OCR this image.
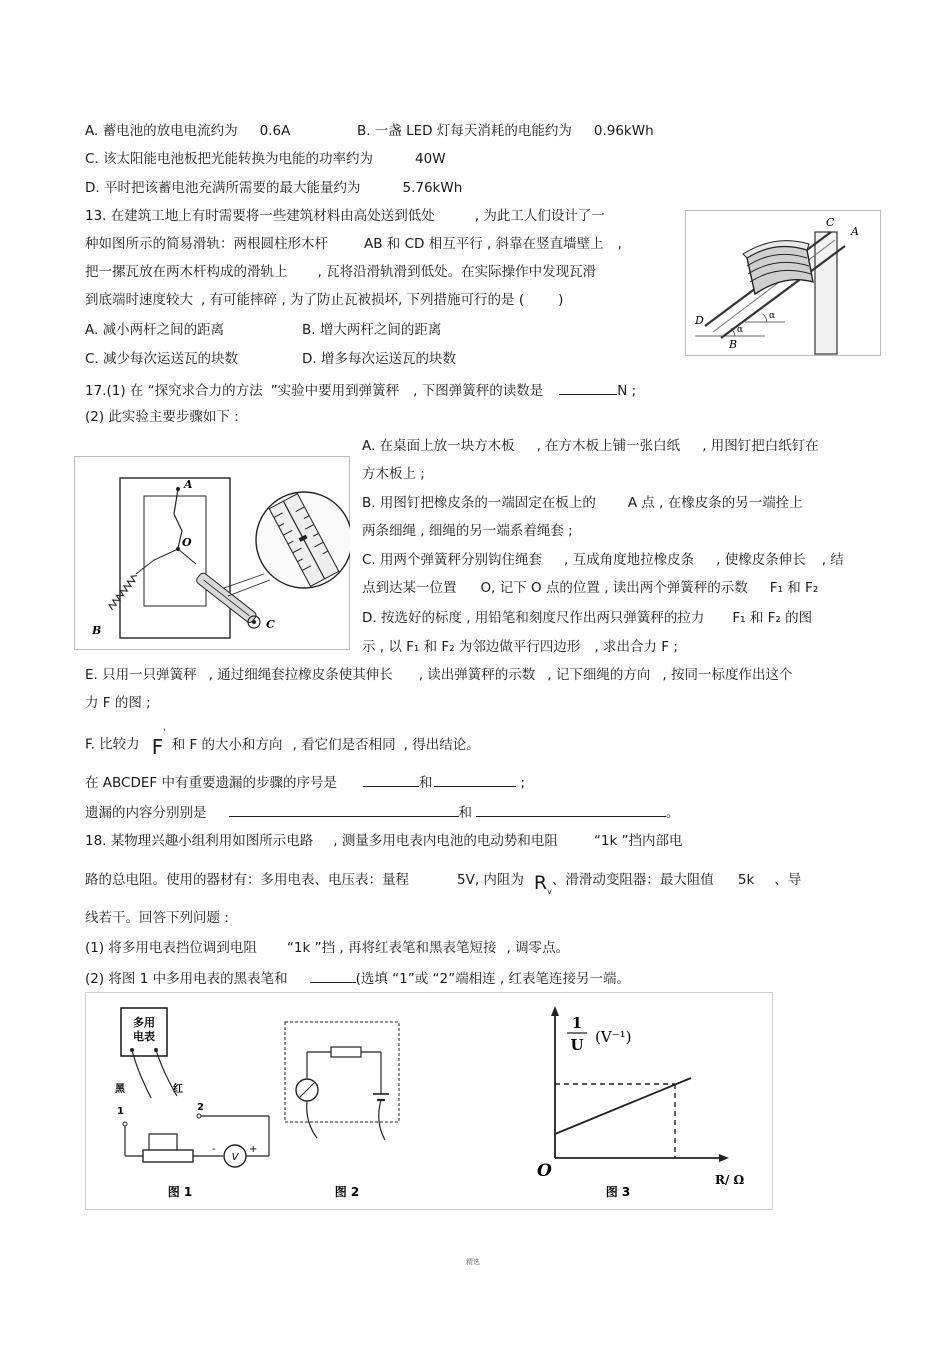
A. 蓄电池的放电电流约为 0.6A	B. 一盏 LED 灯每天消耗的电能约为 0.96kWh
C. 该太阳能电池板把光能转换为电能的功率约为	40W
D. 平时把该蓄电池充满所需要的最大能量约为	5.76kWh
13. 在建筑工地上有时需要将一些建筑材料由高处送到低处	, 为此工人们设计了一
种如图所示的简易滑轨：两根圆柱形木杆	AB 和 CD 相互平行 , 斜靠在竖直墙壁上 ,
把一摞瓦放在两木杆构成的滑轨上 , 瓦将沿滑轨滑到低处。在实际操作中发现瓦滑
到底端时速度较大 , 有可能摔碎 , 为了防止瓦被损坏, 下列措施可行的是 (	)
A. 减小两杆之间的距离	B. 增大两杆之间的距离
C. 减少每次运送瓦的块数	D. 增多每次运送瓦的块数
C
A
D
B
α
α
17.(1) 在 “探究求合力的方法 ”实验中要用到弹簧秤 , 下图弹簧秤的读数是	N ;
(2) 此实验主要步骤如下 :
A. 在桌面上放一块方木板 , 在方木板上铺一张白纸 , 用图钉把白纸钉在
方木板上 ;
B. 用图钉把橡皮条的一端固定在板上的 A 点 , 在橡皮条的另一端拴上
两条细绳 , 细绳的另一端系着绳套 ;
C. 用两个弹簧秤分别钩住绳套 , 互成角度地拉橡皮条 , 使橡皮条伸长 , 结
点到达某一位置 O, 记下 O 点的位置 , 读出两个弹簧秤的示数 F₁ 和 F₂
D. 按选好的标度 , 用铅笔和刻度尺作出两只弹簧秤的拉力 F₁ 和 F₂ 的图
示 , 以 F₁ 和 F₂ 为邻边做平行四边形 , 求出合力 F ;
A
O
B	C
E. 只用一只弹簧秤 , 通过细绳套拉橡皮条使其伸长 , 读出弹簧秤的示数 , 记下细绳的方向 , 按同一标度作出这个
力 F 的图 ;
F. 比较力 F'和 F 的大小和方向 , 看它们是否相同 , 得出结论。
在 ABCDEF 中有重要遗漏的步骤的序号是	和	;
遗漏的内容分别别是	和	。
18. 某物理兴趣小组利用如图所示电路 , 测量多用电表内电池的电动势和电阻	“1k ”挡内部电
路的总电阻。使用的器材有：多用电表、电压表：量程	5V, 内阻为 $R_v$、滑滑动变阻器：最大阻值 5k 、导
线若干。回答下列问题 :
(1) 将多用电表挡位调到电阻 “1k ”挡 , 再将红表笔和黑表笔短接 , 调零点。
(2) 将图 1 中多用电表的黑表笔和	(选填 “1”或 “2”端相连 , 红表笔连接另一端。
多用
电表
黑	红
1	2
V
-	+
图 1	图 2
1
U (V⁻¹)
O	R/ Ω
图 3
精选
